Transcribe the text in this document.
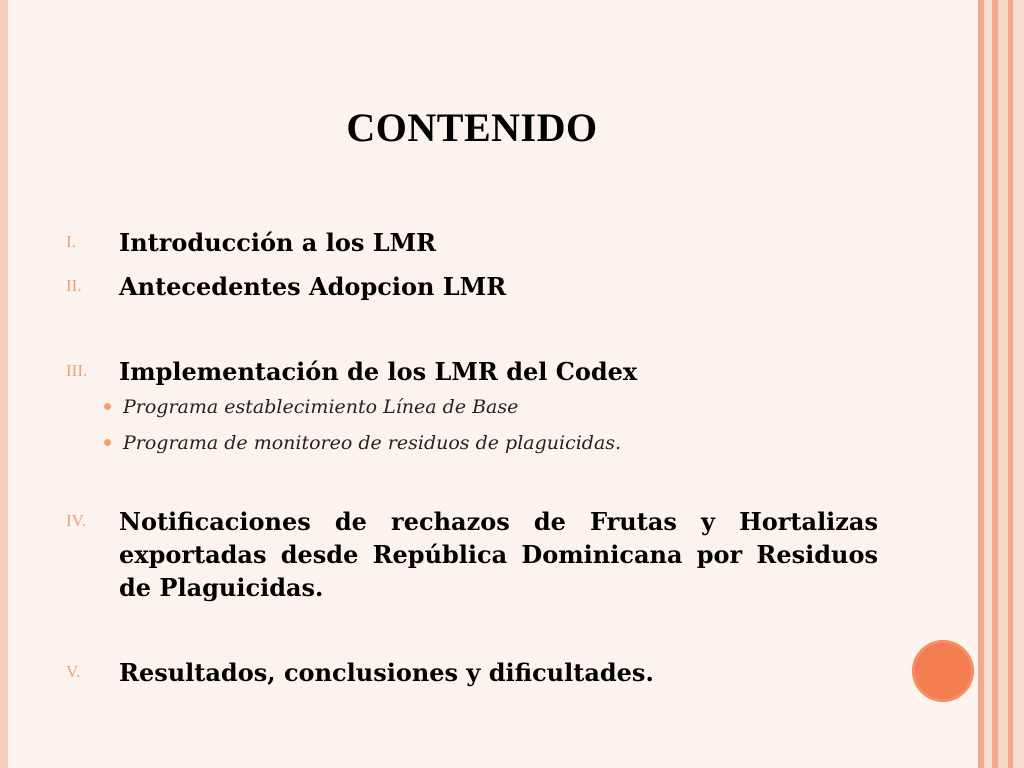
CONTENIDO
I.	Introducción a los LMR
II.	Antecedentes Adopcion LMR
III.	Implementación de los LMR del Codex
Programa establecimiento Línea de Base
Programa de monitoreo de residuos de plaguicidas.
IV.	Notificaciones de rechazos de Frutas y Hortalizas exportadas desde República Dominicana por Residuos de Plaguicidas.
V.	Resultados, conclusiones y dificultades.
